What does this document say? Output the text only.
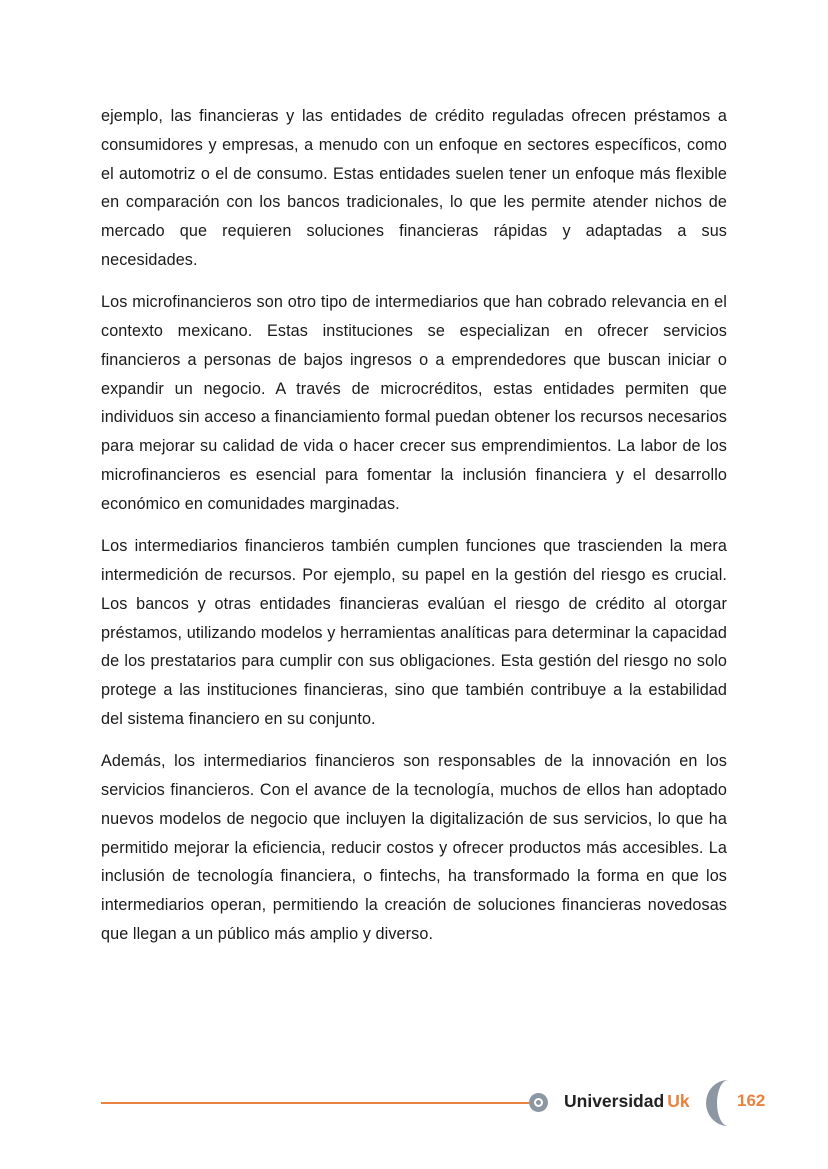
ejemplo, las financieras y las entidades de crédito reguladas ofrecen préstamos a consumidores y empresas, a menudo con un enfoque en sectores específicos, como el automotriz o el de consumo. Estas entidades suelen tener un enfoque más flexible en comparación con los bancos tradicionales, lo que les permite atender nichos de mercado que requieren soluciones financieras rápidas y adaptadas a sus necesidades.

Los microfinancieros son otro tipo de intermediarios que han cobrado relevancia en el contexto mexicano. Estas instituciones se especializan en ofrecer servicios financieros a personas de bajos ingresos o a emprendedores que buscan iniciar o expandir un negocio. A través de microcréditos, estas entidades permiten que individuos sin acceso a financiamiento formal puedan obtener los recursos necesarios para mejorar su calidad de vida o hacer crecer sus emprendimientos. La labor de los microfinancieros es esencial para fomentar la inclusión financiera y el desarrollo económico en comunidades marginadas.

Los intermediarios financieros también cumplen funciones que trascienden la mera intermedición de recursos. Por ejemplo, su papel en la gestión del riesgo es crucial. Los bancos y otras entidades financieras evalúan el riesgo de crédito al otorgar préstamos, utilizando modelos y herramientas analíticas para determinar la capacidad de los prestatarios para cumplir con sus obligaciones. Esta gestión del riesgo no solo protege a las instituciones financieras, sino que también contribuye a la estabilidad del sistema financiero en su conjunto.

Además, los intermediarios financieros son responsables de la innovación en los servicios financieros. Con el avance de la tecnología, muchos de ellos han adoptado nuevos modelos de negocio que incluyen la digitalización de sus servicios, lo que ha permitido mejorar la eficiencia, reducir costos y ofrecer productos más accesibles. La inclusión de tecnología financiera, o fintechs, ha transformado la forma en que los intermediarios operan, permitiendo la creación de soluciones financieras novedosas que llegan a un público más amplio y diverso.

Universidad Uk	162
